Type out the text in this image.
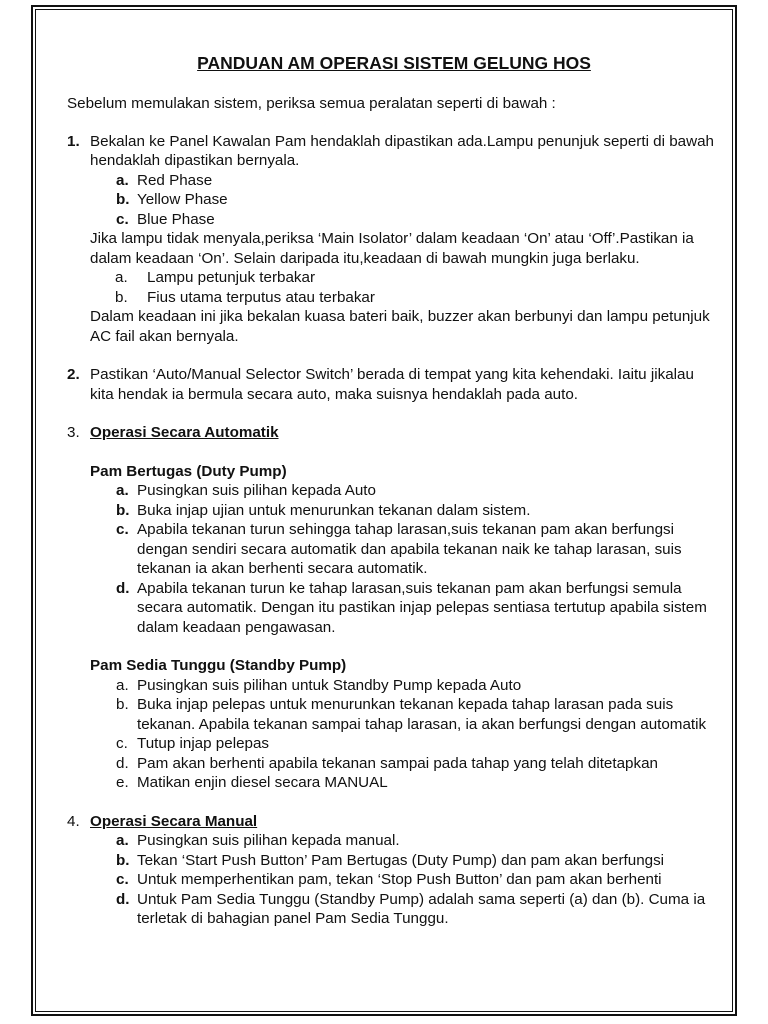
PANDUAN AM OPERASI SISTEM GELUNG HOS

Sebelum memulakan sistem, periksa semua peralatan seperti di bawah :

1. Bekalan ke Panel Kawalan Pam hendaklah dipastikan ada.Lampu penunjuk seperti di bawah hendaklah dipastikan bernyala.

a. Red Phase
b. Yellow Phase
c. Blue Phase

Jika lampu tidak menyala,periksa ‘Main Isolator’ dalam keadaan ‘On’ atau ‘Off’.Pastikan ia dalam keadaan ‘On’. Selain daripada itu,keadaan di bawah mungkin juga berlaku.

a. Lampu petunjuk terbakar
b. Fius utama terputus atau terbakar

Dalam keadaan ini jika bekalan kuasa bateri baik, buzzer akan berbunyi dan lampu petunjuk AC fail akan bernyala.

2. Pastikan ‘Auto/Manual Selector Switch’ berada di tempat yang kita kehendaki. Iaitu jikalau kita hendak ia bermula secara auto, maka suisnya hendaklah pada auto.

3. Operasi Secara Automatik

Pam Bertugas (Duty Pump)

a. Pusingkan suis pilihan kepada Auto
b. Buka injap ujian untuk menurunkan tekanan dalam sistem.
c. Apabila tekanan turun sehingga tahap larasan,suis tekanan pam akan berfungsi dengan sendiri secara automatik dan apabila tekanan naik ke tahap larasan, suis tekanan ia akan berhenti secara automatik.
d. Apabila tekanan turun ke tahap larasan,suis tekanan pam akan berfungsi semula secara automatik. Dengan itu pastikan injap pelepas sentiasa tertutup apabila sistem dalam keadaan pengawasan.

Pam Sedia Tunggu (Standby Pump)

a. Pusingkan suis pilihan untuk Standby Pump kepada Auto
b. Buka injap pelepas untuk menurunkan tekanan kepada tahap larasan pada suis tekanan. Apabila tekanan sampai tahap larasan, ia akan berfungsi dengan automatik
c. Tutup injap pelepas
d. Pam akan berhenti apabila tekanan sampai pada tahap yang telah ditetapkan
e. Matikan enjin diesel secara MANUAL
4. Operasi Secara Manual

a. Pusingkan suis pilihan kepada manual.
b. Tekan ‘Start Push Button’ Pam Bertugas (Duty Pump) dan pam akan berfungsi
c. Untuk memperhentikan pam, tekan ‘Stop Push Button’ dan pam akan berhenti
d. Untuk Pam Sedia Tunggu (Standby Pump) adalah sama seperti (a) dan (b). Cuma ia terletak di bahagian panel Pam Sedia Tunggu.
